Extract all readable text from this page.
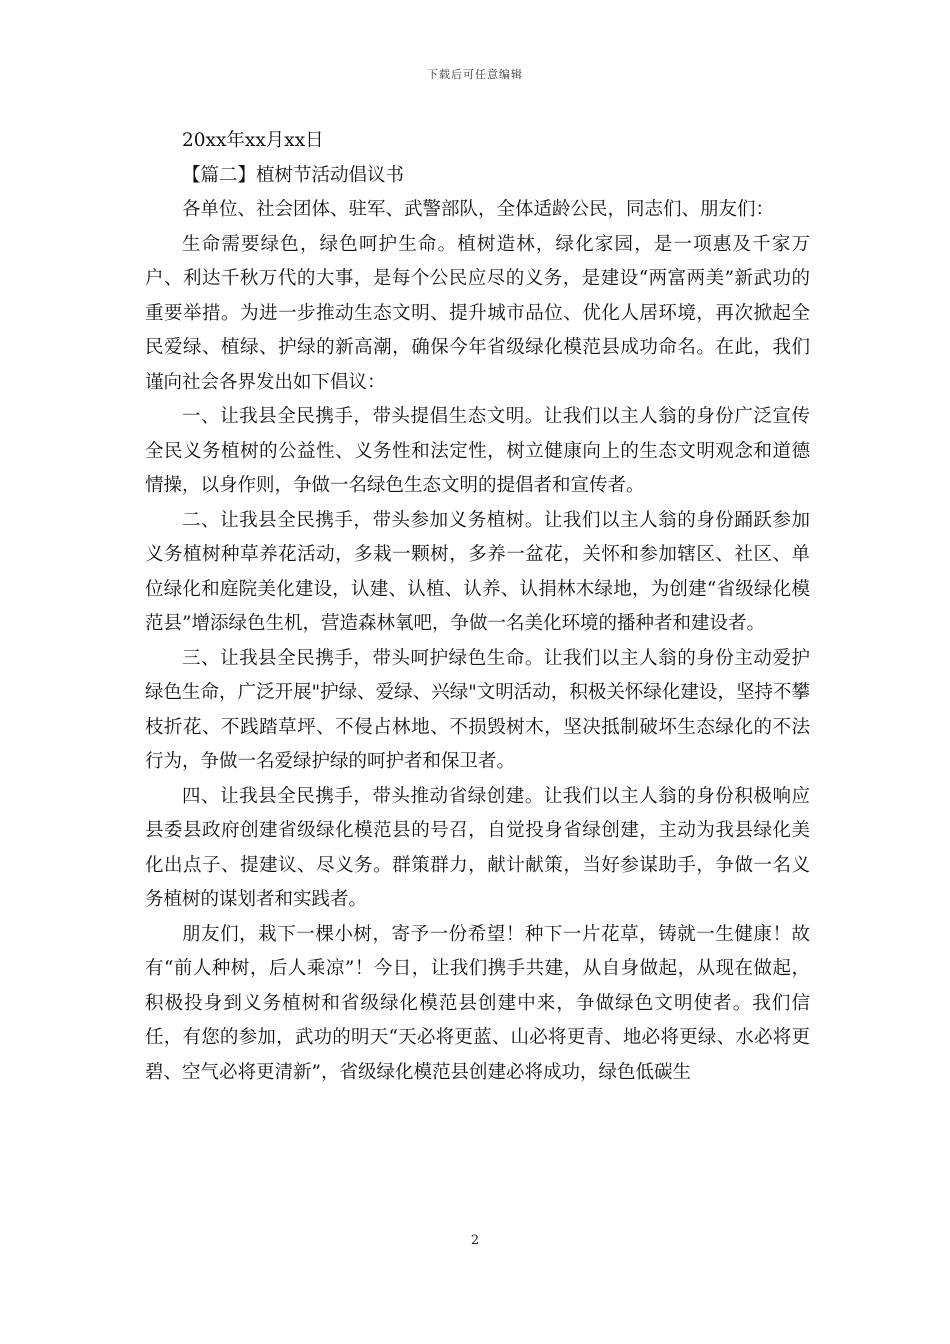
下载后可任意编辑

20xx年xx月xx日

【篇二】植树节活动倡议书

各单位、社会团体、驻军、武警部队，全体适龄公民，同志们、朋友们：

生命需要绿色，绿色呵护生命。植树造林，绿化家园，是一项惠及千家万户、利达千秋万代的大事，是每个公民应尽的义务，是建设“两富两美”新武功的重要举措。为进一步推动生态文明、提升城市品位、优化人居环境，再次掀起全民爱绿、植绿、护绿的新高潮，确保今年省级绿化模范县成功命名。在此，我们谨向社会各界发出如下倡议：

一、让我县全民携手，带头提倡生态文明。让我们以主人翁的身份广泛宣传全民义务植树的公益性、义务性和法定性，树立健康向上的生态文明观念和道德情操，以身作则，争做一名绿色生态文明的提倡者和宣传者。

二、让我县全民携手，带头参加义务植树。让我们以主人翁的身份踊跃参加义务植树种草养花活动，多栽一颗树，多养一盆花，关怀和参加辖区、社区、单位绿化和庭院美化建设，认建、认植、认养、认捐林木绿地，为创建“省级绿化模范县”增添绿色生机，营造森林氧吧，争做一名美化环境的播种者和建设者。

三、让我县全民携手，带头呵护绿色生命。让我们以主人翁的身份主动爱护绿色生命，广泛开展"护绿、爱绿、兴绿"文明活动，积极关怀绿化建设，坚持不攀枝折花、不践踏草坪、不侵占林地、不损毁树木，坚决抵制破坏生态绿化的不法行为，争做一名爱绿护绿的呵护者和保卫者。

四、让我县全民携手，带头推动省绿创建。让我们以主人翁的身份积极响应县委县政府创建省级绿化模范县的号召，自觉投身省绿创建，主动为我县绿化美化出点子、提建议、尽义务。群策群力，献计献策，当好参谋助手，争做一名义务植树的谋划者和实践者。

朋友们，栽下一棵小树，寄予一份希望！种下一片花草，铸就一生健康！故有“前人种树，后人乘凉”！今日，让我们携手共建，从自身做起，从现在做起，积极投身到义务植树和省级绿化模范县创建中来，争做绿色文明使者。我们信任，有您的参加，武功的明天“天必将更蓝、山必将更青、地必将更绿、水必将更碧、空气必将更清新”，省级绿化模范县创建必将成功，绿色低碳生

2
